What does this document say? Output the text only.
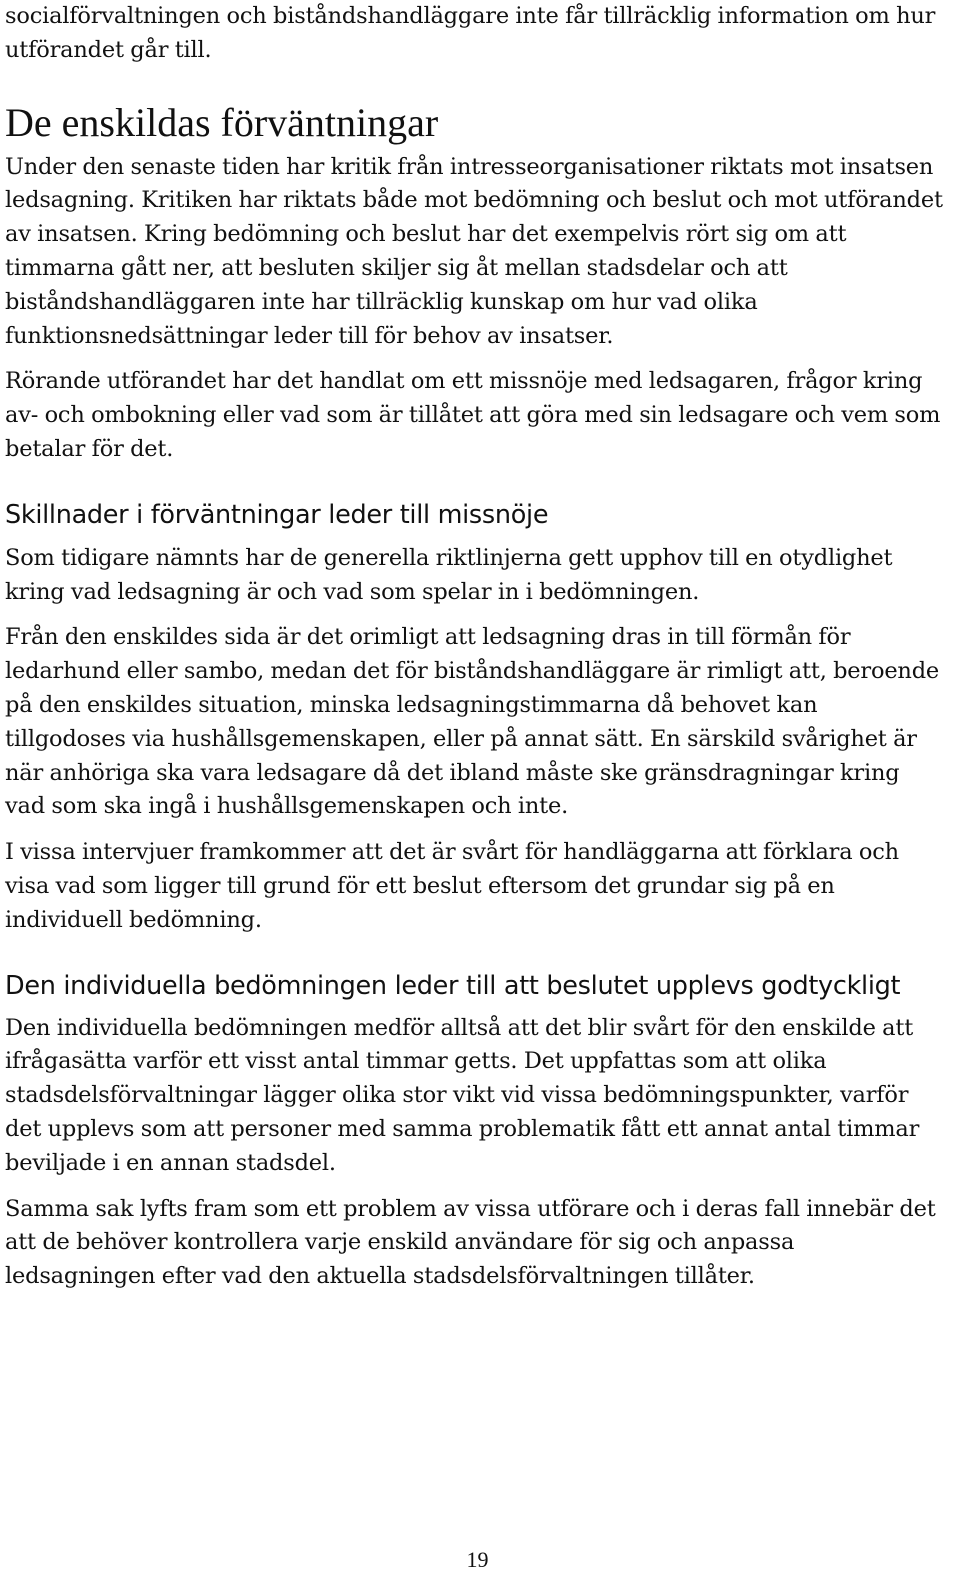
socialförvaltningen och biståndshandläggare inte får tillräcklig information om hur utförandet går till.

De enskildas förväntningar

Under den senaste tiden har kritik från intresseorganisationer riktats mot insatsen ledsagning. Kritiken har riktats både mot bedömning och beslut och mot utförandet av insatsen. Kring bedömning och beslut har det exempelvis rört sig om att timmarna gått ner, att besluten skiljer sig åt mellan stadsdelar och att biståndshandläggaren inte har tillräcklig kunskap om hur vad olika funktionsnedsättningar leder till för behov av insatser.

Rörande utförandet har det handlat om ett missnöje med ledsagaren, frågor kring av- och ombokning eller vad som är tillåtet att göra med sin ledsagare och vem som betalar för det.

Skillnader i förväntningar leder till missnöje

Som tidigare nämnts har de generella riktlinjerna gett upphov till en otydlighet kring vad ledsagning är och vad som spelar in i bedömningen.

Från den enskildes sida är det orimligt att ledsagning dras in till förmån för ledarhund eller sambo, medan det för biståndshandläggare är rimligt att, beroende på den enskildes situation, minska ledsagningstimmarna då behovet kan tillgodoses via hushållsgemenskapen, eller på annat sätt. En särskild svårighet är när anhöriga ska vara ledsagare då det ibland måste ske gränsdragningar kring vad som ska ingå i hushållsgemenskapen och inte.

I vissa intervjuer framkommer att det är svårt för handläggarna att förklara och visa vad som ligger till grund för ett beslut eftersom det grundar sig på en individuell bedömning.

Den individuella bedömningen leder till att beslutet upplevs godtyckligt

Den individuella bedömningen medför alltså att det blir svårt för den enskilde att ifrågasätta varför ett visst antal timmar getts. Det uppfattas som att olika stadsdelsförvaltningar lägger olika stor vikt vid vissa bedömningspunkter, varför det upplevs som att personer med samma problematik fått ett annat antal timmar beviljade i en annan stadsdel.

Samma sak lyfts fram som ett problem av vissa utförare och i deras fall innebär det att de behöver kontrollera varje enskild användare för sig och anpassa ledsagningen efter vad den aktuella stadsdelsförvaltningen tillåter.

19
